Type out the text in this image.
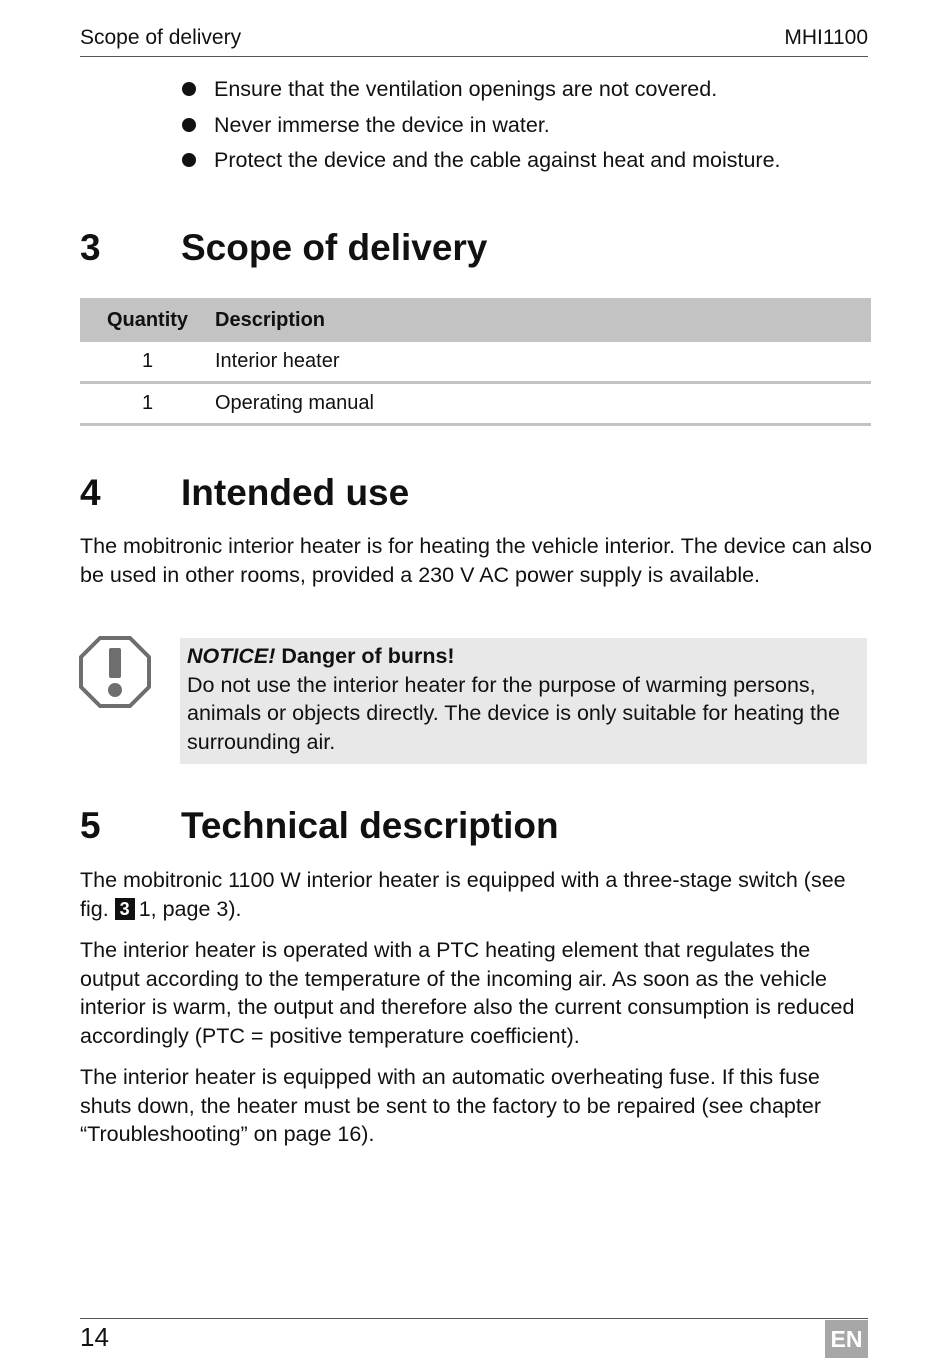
Scope of delivery	MHI1100
Ensure that the ventilation openings are not covered.
Never immerse the device in water.
Protect the device and the cable against heat and moisture.
3 Scope of delivery
Quantity	Description
1	Interior heater
1	Operating manual
4 Intended use

The mobitronic interior heater is for heating the vehicle interior. The device can also be used in other rooms, provided a 230 V AC power supply is available.

NOTICE! Danger of burns!
Do not use the interior heater for the purpose of warming persons, animals or objects directly. The device is only suitable for heating the surrounding air.
5 Technical description

The mobitronic 1100 W interior heater is equipped with a three-stage switch (see fig. 3 1, page 3).

The interior heater is operated with a PTC heating element that regulates the output according to the temperature of the incoming air. As soon as the vehicle interior is warm, the output and therefore also the current consumption is reduced accordingly (PTC = positive temperature coefficient).

The interior heater is equipped with an automatic overheating fuse. If this fuse shuts down, the heater must be sent to the factory to be repaired (see chapter “Troubleshooting” on page 16).

14	EN
